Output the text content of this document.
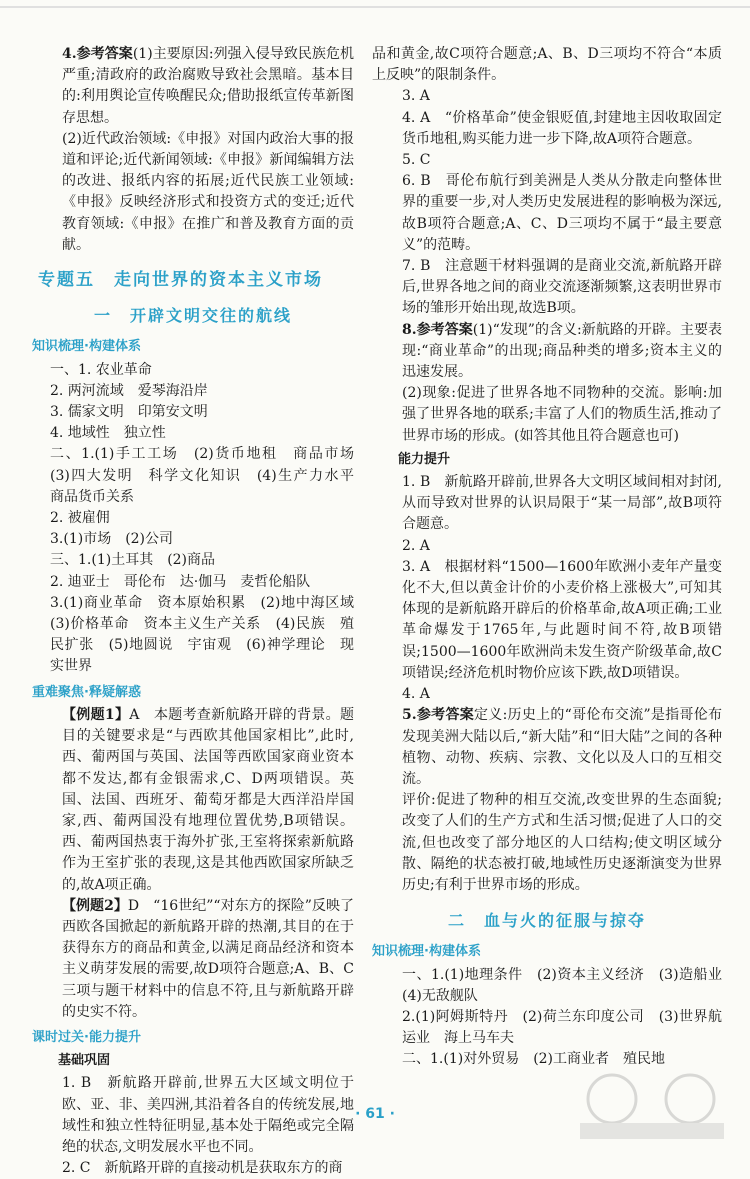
4.参考答案(1)主要原因:列强入侵导致民族危机严重;清政府的政治腐败导致社会黑暗。基本目的:利用舆论宣传唤醒民众;借助报纸宣传革新图存思想。

(2)近代政治领域:《申报》对国内政治大事的报道和评论;近代新闻领域:《申报》新闻编辑方法的改进、报纸内容的拓展;近代民族工业领域:《申报》反映经济形式和投资方式的变迁;近代教育领域:《申报》在推广和普及教育方面的贡献。

专题五　走向世界的资本主义市场
一　开辟文明交往的航线
知识梳理·构建体系

一、1. 农业革命

2. 两河流域　爱琴海沿岸

3. 儒家文明　印第安文明

4. 地域性　独立性

二、1.(1)手工工场　(2)货币地租　商品市场　(3)四大发明　科学文化知识　(4)生产力水平　商品货币关系

2. 被雇佣

3.(1)市场　(2)公司

三、1.(1)土耳其　(2)商品

2. 迪亚士　哥伦布　达·伽马　麦哲伦船队

3.(1)商业革命　资本原始积累　(2)地中海区域　(3)价格革命　资本主义生产关系　(4)民族　殖民扩张　(5)地圆说　宇宙观　(6)神学理论　现实世界

重难聚焦·释疑解惑

【例题1】A　本题考查新航路开辟的背景。题目的关键要求是“与西欧其他国家相比”,此时,西、葡两国与英国、法国等西欧国家商业资本都不发达,都有金银需求,C、D两项错误。英国、法国、西班牙、葡萄牙都是大西洋沿岸国家,西、葡两国没有地理位置优势,B项错误。西、葡两国热衷于海外扩张,王室将探索新航路作为王室扩张的表现,这是其他西欧国家所缺乏的,故A项正确。

【例题2】D　“16世纪”“对东方的探险”反映了西欧各国掀起的新航路开辟的热潮,其目的在于获得东方的商品和黄金,以满足商品经济和资本主义萌芽发展的需要,故D项符合题意;A、B、C三项与题干材料中的信息不符,且与新航路开辟的史实不符。

课时过关·能力提升
基础巩固

1. B　新航路开辟前,世界五大区域文明位于欧、亚、非、美四洲,其沿着各自的传统发展,地域性和独立性特征明显,基本处于隔绝或完全隔绝的状态,文明发展水平也不同。

2. C　新航路开辟的直接动机是获取东方的商

品和黄金,故C项符合题意;A、B、D三项均不符合“本质上反映”的限制条件。

3. A

4. A　“价格革命”使金银贬值,封建地主因收取固定货币地租,购买能力进一步下降,故A项符合题意。

5. C

6. B　哥伦布航行到美洲是人类从分散走向整体世界的重要一步,对人类历史发展进程的影响极为深远,故B项符合题意;A、C、D三项均不属于“最主要意义”的范畴。

7. B　注意题干材料强调的是商业交流,新航路开辟后,世界各地之间的商业交流逐渐频繁,这表明世界市场的雏形开始出现,故选B项。

8.参考答案(1)“发现”的含义:新航路的开辟。主要表现:“商业革命”的出现;商品种类的增多;资本主义的迅速发展。

(2)现象:促进了世界各地不同物种的交流。影响:加强了世界各地的联系;丰富了人们的物质生活,推动了世界市场的形成。(如答其他且符合题意也可)

能力提升

1. B　新航路开辟前,世界各大文明区域间相对封闭,从而导致对世界的认识局限于“某一局部”,故B项符合题意。

2. A

3. A　根据材料“1500—1600年欧洲小麦年产量变化不大,但以黄金计价的小麦价格上涨极大”,可知其体现的是新航路开辟后的价格革命,故A项正确;工业革命爆发于1765年,与此题时间不符,故B项错误;1500—1600年欧洲尚未发生资产阶级革命,故C项错误;经济危机时物价应该下跌,故D项错误。

4. A

5.参考答案定义:历史上的“哥伦布交流”是指哥伦布发现美洲大陆以后,“新大陆”和“旧大陆”之间的各种植物、动物、疾病、宗教、文化以及人口的互相交流。

评价:促进了物种的相互交流,改变世界的生态面貌;改变了人们的生产方式和生活习惯;促进了人口的交流,但也改变了部分地区的人口结构;使文明区域分散、隔绝的状态被打破,地域性历史逐渐演变为世界历史;有利于世界市场的形成。

二　血与火的征服与掠夺
知识梳理·构建体系

一、1.(1)地理条件　(2)资本主义经济　(3)造船业　(4)无敌舰队

2.(1)阿姆斯特丹　(2)荷兰东印度公司　(3)世界航运业　海上马车夫

二、1.(1)对外贸易　(2)工商业者　殖民地

· 61 ·
